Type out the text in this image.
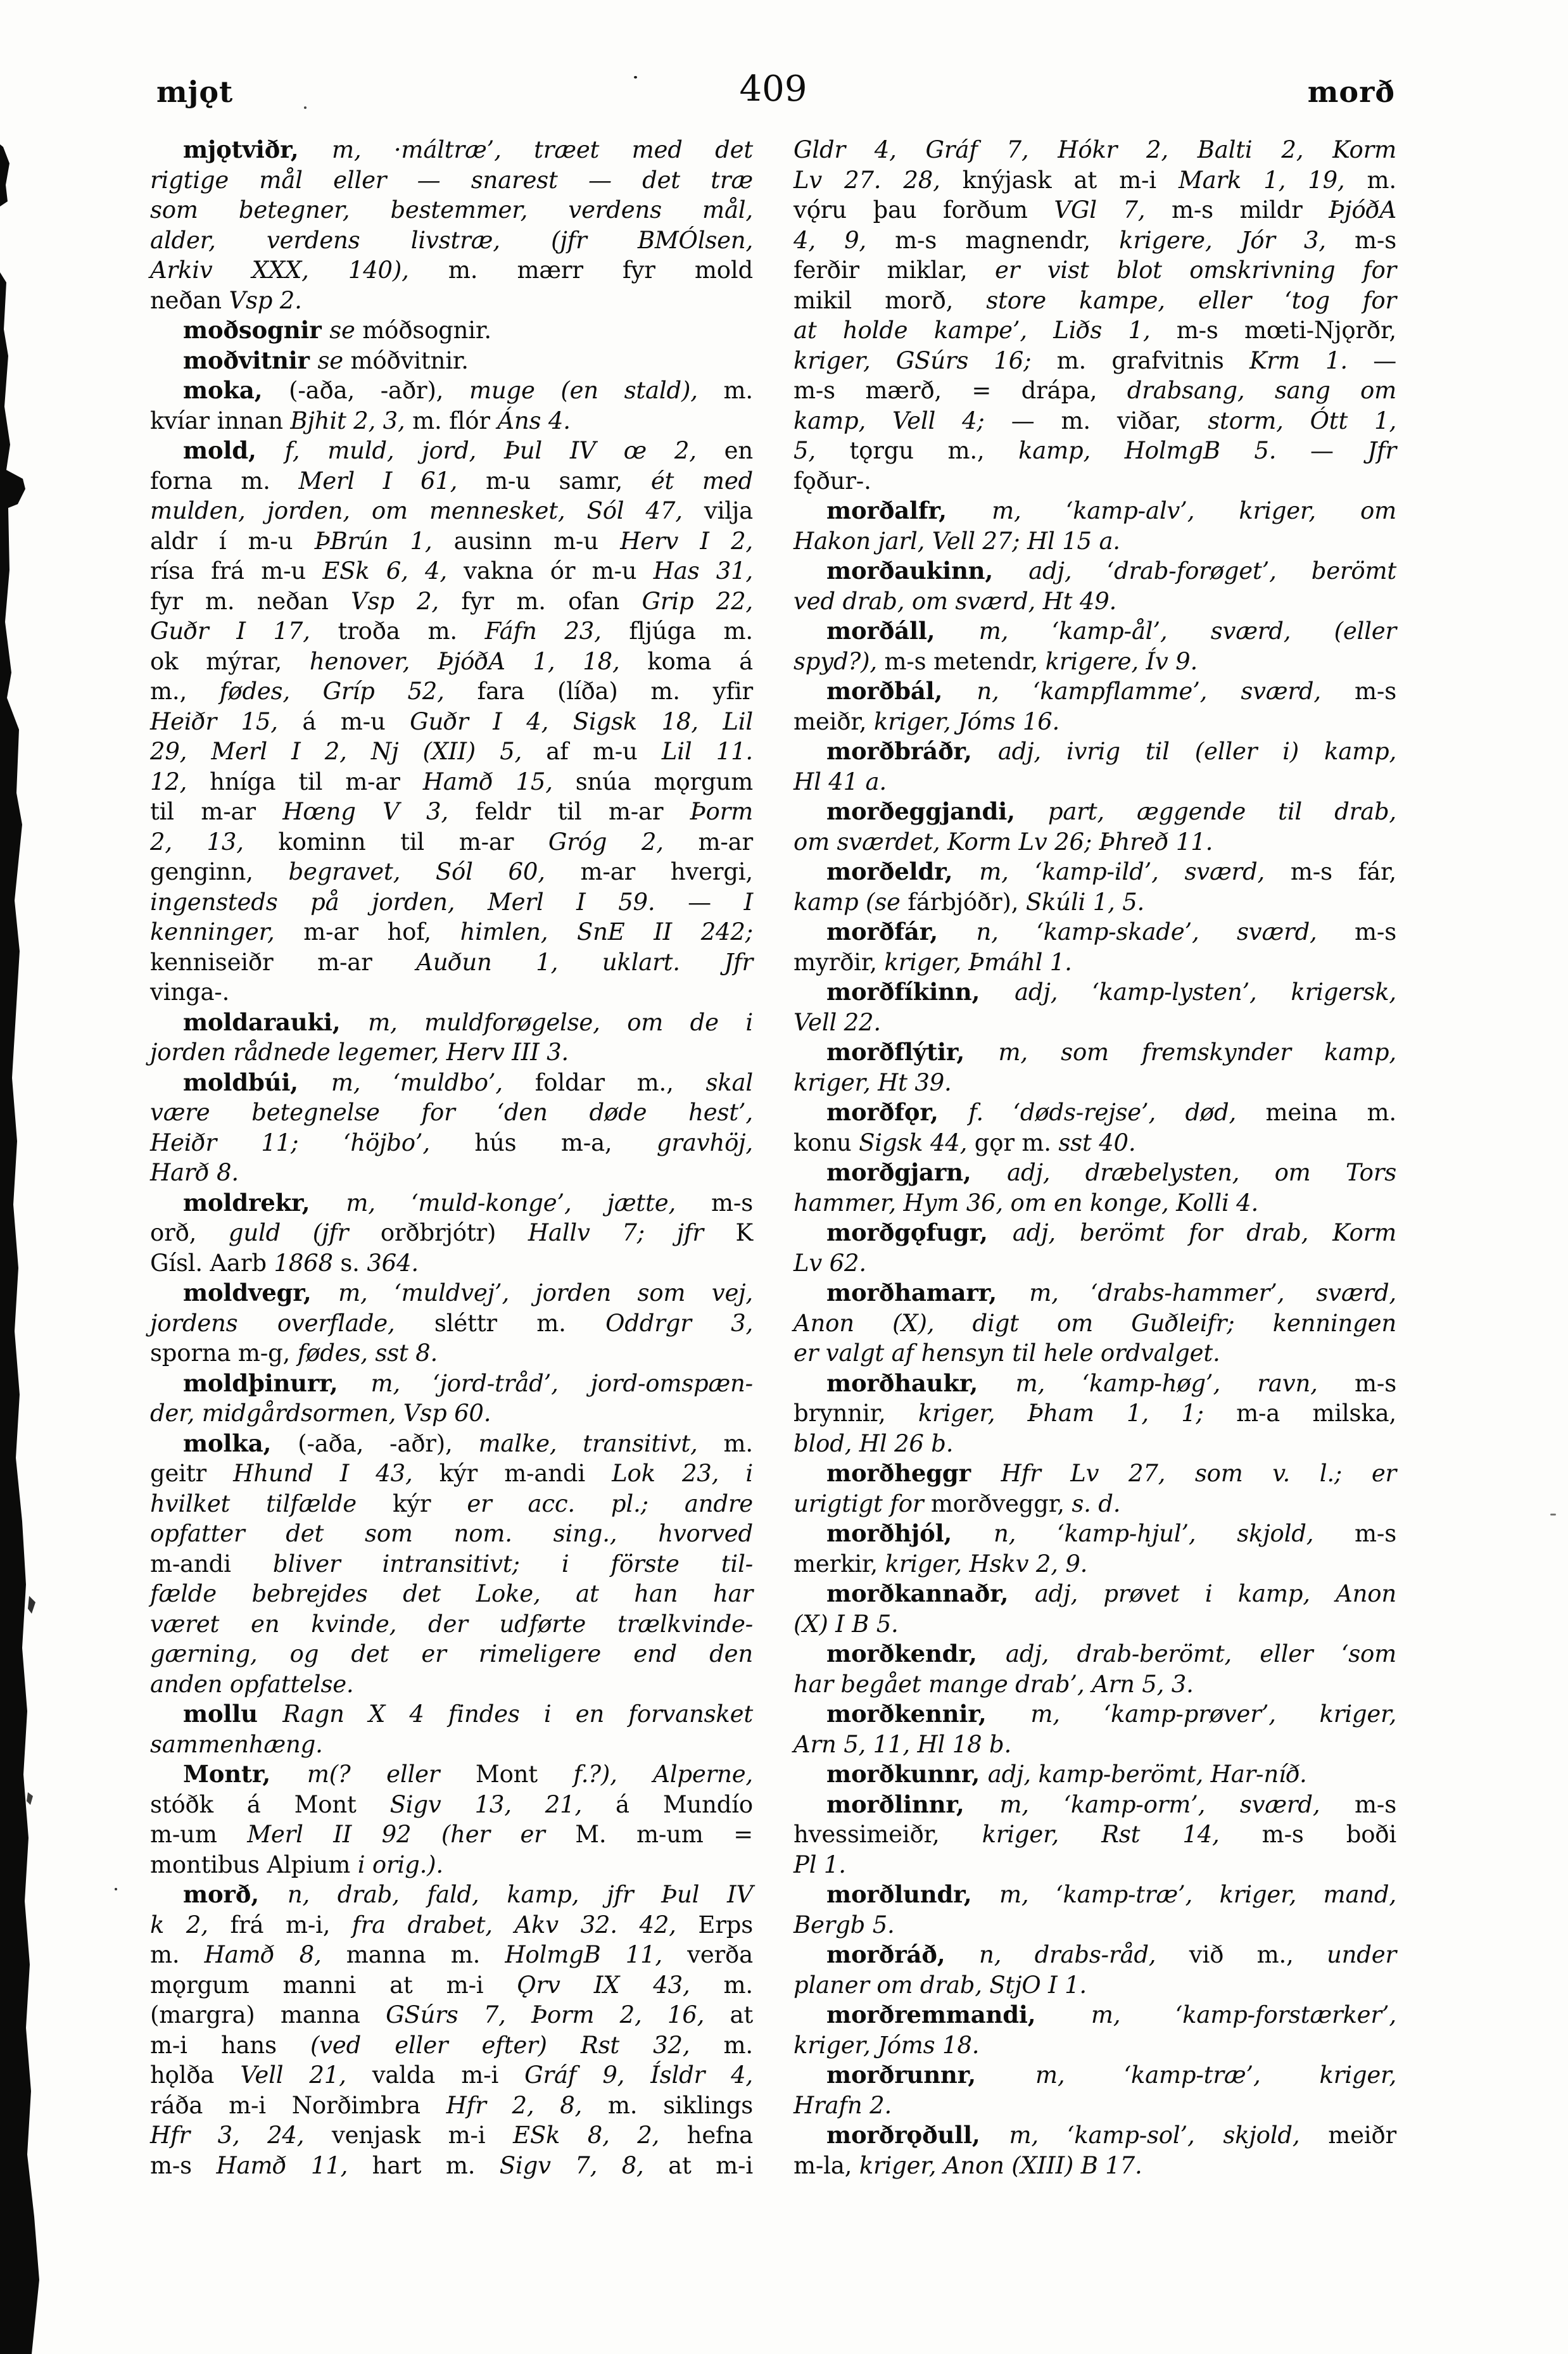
mjǫt	409	morð
mjǫtviðr, m, ·máltræ’, træet med det
rigtige mål eller — snarest — det træ
som betegner, bestemmer, verdens mål,
alder, verdens livstræ, (jfr BMÓlsen,
Arkiv XXX, 140), m. mærr fyr mold
neðan Vsp 2.
moðsognir se móðsognir.
moðvitnir se móðvitnir.
moka, (-aða, -aðr), muge (en stald), m.
kvíar innan Bjhit 2, 3, m. flór Áns 4.
mold, f, muld, jord, Þul IV œ 2, en
forna m. Merl I 61, m-u samr, ét med
mulden, jorden, om mennesket, Sól 47, vilja
aldr í m-u ÞBrún 1, ausinn m-u Herv I 2,
rísa frá m-u ESk 6, 4, vakna ór m-u Has 31,
fyr m. neðan Vsp 2, fyr m. ofan Grip 22,
Guðr I 17, troða m. Fáfn 23, fljúga m.
ok mýrar, henover, ÞjóðA 1, 18, koma á
m., fødes, Gríp 52, fara (líða) m. yfir
Heiðr 15, á m-u Guðr I 4, Sigsk 18, Lil
29, Merl I 2, Nj (XII) 5, af m-u Lil 11.
12, hníga til m-ar Hamð 15, snúa mǫrgum
til m-ar Hœng V 3, feldr til m-ar Þorm
2, 13, kominn til m-ar Gróg 2, m-ar
genginn, begravet, Sól 60, m-ar hvergi,
ingensteds på jorden, Merl I 59. — I
kenninger, m-ar hof, himlen, SnE II 242;
kenniseiðr m-ar Auðun 1, uklart. Jfr
vinga-.
moldarauki, m, muldforøgelse, om de i
jorden rådnede legemer, Herv III 3.
moldbúi, m, ‘muldbo’, foldar m., skal
være betegnelse for ‘den døde hest’,
Heiðr 11; ‘höjbo’, hús m-a, gravhöj,
Harð 8.
moldrekr, m, ‘muld-konge’, jætte, m-s
orð, guld (jfr orðbrjótr) Hallv 7; jfr K
Gísl. Aarb 1868 s. 364.
moldvegr, m, ‘muldvej’, jorden som vej,
jordens overflade, sléttr m. Oddrgr 3,
sporna m-g, fødes, sst 8.
moldþinurr, m, ‘jord-tråd’, jord-omspæn-
der, midgårdsormen, Vsp 60.
molka, (-aða, -aðr), malke, transitivt, m.
geitr Hhund I 43, kýr m-andi Lok 23, i
hvilket tilfælde kýr er acc. pl.; andre
opfatter det som nom. sing., hvorved
m-andi bliver intransitivt; i förste til-
fælde bebrejdes det Loke, at han har
været en kvinde, der udførte trælkvinde-
gærning, og det er rimeligere end den
anden opfattelse.
mollu Ragn X 4 findes i en forvansket
sammenhæng.
Montr, m(? eller Mont f.?), Alperne,
stóðk á Mont Sigv 13, 21, á Mundío
m-um Merl II 92 (her er M. m-um =
montibus Alpium i orig.).
morð, n, drab, fald, kamp, jfr Þul IV
k 2, frá m-i, fra drabet, Akv 32. 42, Erps
m. Hamð 8, manna m. HolmgB 11, verða
mǫrgum manni at m-i Ǫrv IX 43, m.
(margra) manna GSúrs 7, Þorm 2, 16, at
m-i hans (ved eller efter) Rst 32, m.
hǫlða Vell 21, valda m-i Gráf 9, Ísldr 4,
ráða m-i Norðimbra Hfr 2, 8, m. siklings
Hfr 3, 24, venjask m-i ESk 8, 2, hefna
m-s Hamð 11, hart m. Sigv 7, 8, at m-i
Gldr 4, Gráf 7, Hókr 2, Balti 2, Korm
Lv 27. 28, knýjask at m-i Mark 1, 19, m.
vǫ́ru þau forðum VGl 7, m-s mildr ÞjóðA
4, 9, m-s magnendr, krigere, Jór 3, m-s
ferðir miklar, er vist blot omskrivning for
mikil morð, store kampe, eller ‘tog for
at holde kampe’, Liðs 1, m-s mœti-Njǫrðr,
kriger, GSúrs 16; m. grafvitnis Krm 1. —
m-s mærð, = drápa, drabsang, sang om
kamp, Vell 4; — m. viðar, storm, Ótt 1,
5, tǫrgu m., kamp, HolmgB 5. — Jfr
fǫður-.
morðalfr, m, ‘kamp-alv’, kriger, om
Hakon jarl, Vell 27; Hl 15 a.
morðaukinn, adj, ‘drab-forøget’, berömt
ved drab, om sværd, Ht 49.
morðáll, m, ‘kamp-ål’, sværd, (eller
spyd?), m-s metendr, krigere, Ív 9.
morðbál, n, ‘kampflamme’, sværd, m-s
meiðr, kriger, Jóms 16.
morðbráðr, adj, ivrig til (eller i) kamp,
Hl 41 a.
morðeggjandi, part, æggende til drab,
om sværdet, Korm Lv 26; Þhreð 11.
morðeldr, m, ‘kamp-ild’, sværd, m-s fár,
kamp (se fárbjóðr), Skúli 1, 5.
morðfár, n, ‘kamp-skade’, sværd, m-s
myrðir, kriger, Þmáhl 1.
morðfíkinn, adj, ‘kamp-lysten’, krigersk,
Vell 22.
morðflýtir, m, som fremskynder kamp,
kriger, Ht 39.
morðfǫr, f. ‘døds-rejse’, død, meina m.
konu Sigsk 44, gǫr m. sst 40.
morðgjarn, adj, dræbelysten, om Tors
hammer, Hym 36, om en konge, Kolli 4.
morðgǫfugr, adj, berömt for drab, Korm
Lv 62.
morðhamarr, m, ‘drabs-hammer’, sværd,
Anon (X), digt om Guðleifr; kenningen
er valgt af hensyn til hele ordvalget.
morðhaukr, m, ‘kamp-høg’, ravn, m-s
brynnir, kriger, Þham 1, 1; m-a milska,
blod, Hl 26 b.
morðheggr Hfr Lv 27, som v. l.; er
urigtigt for morðveggr, s. d.
morðhjól, n, ‘kamp-hjul’, skjold, m-s
merkir, kriger, Hskv 2, 9.
morðkannaðr, adj, prøvet i kamp, Anon
(X) I B 5.
morðkendr, adj, drab-berömt, eller ‘som
har begået mange drab’, Arn 5, 3.
morðkennir, m, ‘kamp-prøver’, kriger,
Arn 5, 11, Hl 18 b.
morðkunnr, adj, kamp-berömt, Har-níð.
morðlinnr, m, ‘kamp-orm’, sværd, m-s
hvessimeiðr, kriger, Rst 14, m-s boði
Pl 1.
morðlundr, m, ‘kamp-træ’, kriger, mand,
Bergb 5.
morðráð, n, drabs-råd, við m., under
planer om drab, StjO I 1.
morðremmandi, m, ‘kamp-forstærker’,
kriger, Jóms 18.
morðrunnr, m, ‘kamp-træ’, kriger,
Hrafn 2.
morðrǫðull, m, ‘kamp-sol’, skjold, meiðr
m-la, kriger, Anon (XIII) B 17.
